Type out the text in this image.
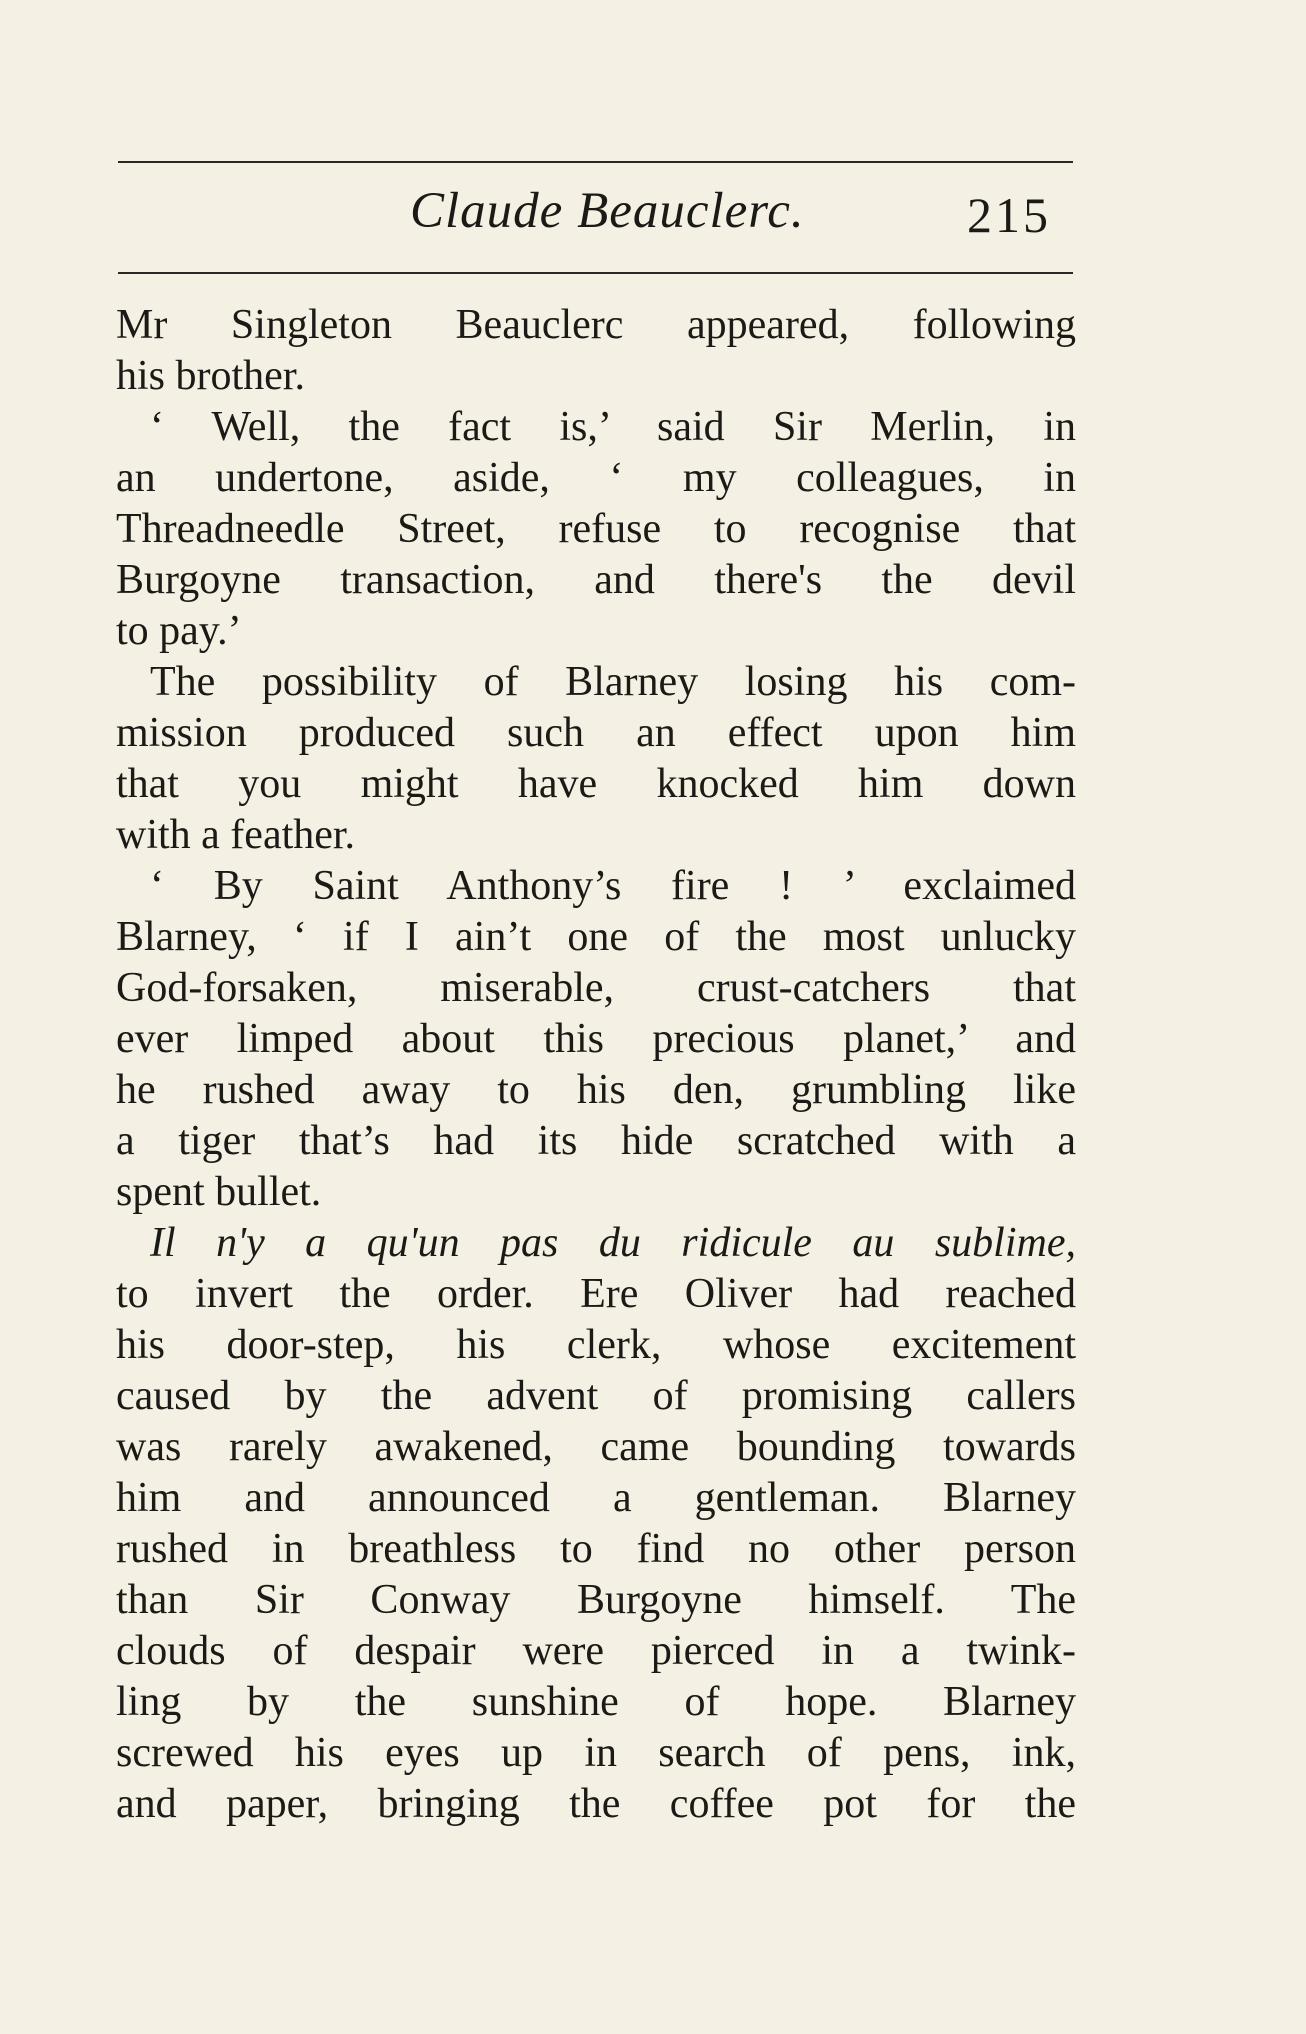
Claude Beauclerc.	215
Mr Singleton Beauclerc appeared, following
his brother.
‘ Well, the fact is,’ said Sir Merlin, in
an undertone, aside, ‘ my colleagues, in
Threadneedle Street, refuse to recognise that
Burgoyne transaction, and there's the devil
to pay.’
The possibility of Blarney losing his com-
mission produced such an effect upon him
that you might have knocked him down
with a feather.
‘ By Saint Anthony’s fire ! ’ exclaimed
Blarney, ‘ if I ain’t one of the most unlucky
God-forsaken, miserable, crust-catchers that
ever limped about this precious planet,’ and
he rushed away to his den, grumbling like
a tiger that’s had its hide scratched with a
spent bullet.
Il n'y a qu'un pas du ridicule au sublime,
to invert the order. Ere Oliver had reached
his door-step, his clerk, whose excitement
caused by the advent of promising callers
was rarely awakened, came bounding towards
him and announced a gentleman. Blarney
rushed in breathless to find no other person
than Sir Conway Burgoyne himself. The
clouds of despair were pierced in a twink-
ling by the sunshine of hope. Blarney
screwed his eyes up in search of pens, ink,
and paper, bringing the coffee pot for the
